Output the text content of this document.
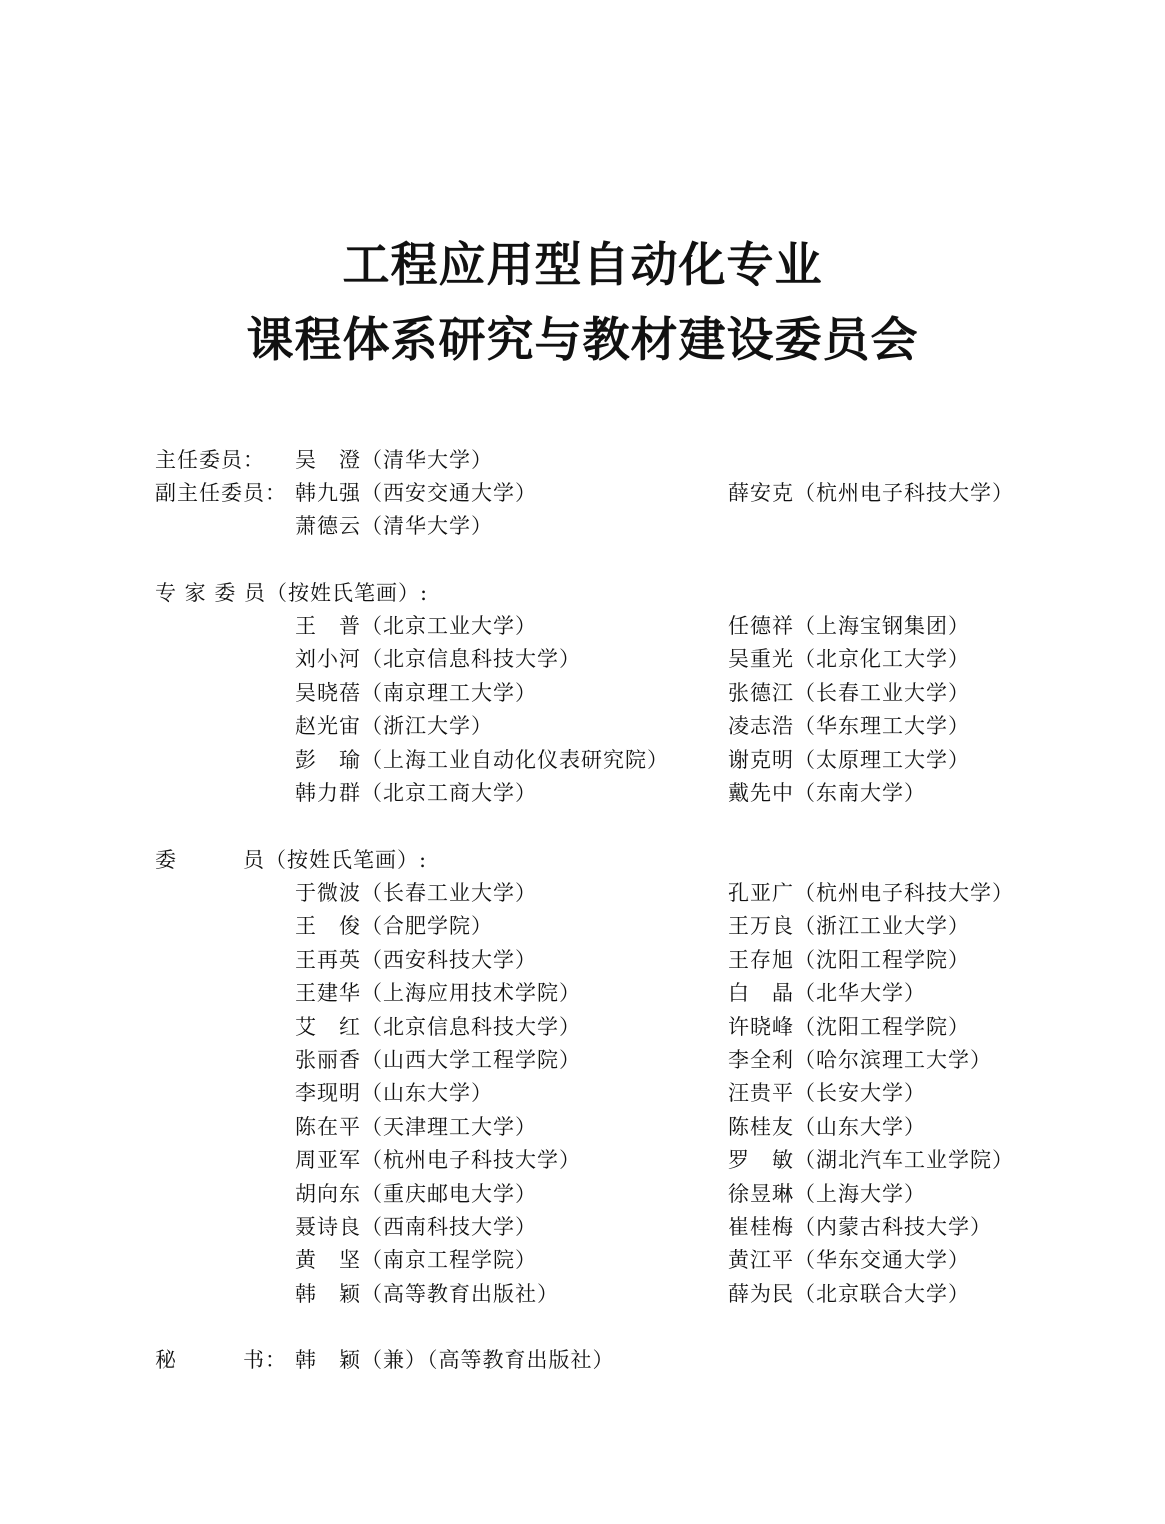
工程应用型自动化专业
课程体系研究与教材建设委员会
主任委员： 吴　澄（清华大学）
副主任委员： 韩九强（西安交通大学）	薛安克（杭州电子科技大学）
萧德云（清华大学）
专 家 委 员（按姓氏笔画）:
王　普（北京工业大学）
刘小河（北京信息科技大学）
吴晓蓓（南京理工大学）
赵光宙（浙江大学）
彭　瑜（上海工业自动化仪表研究院）
韩力群（北京工商大学）
任德祥（上海宝钢集团）
吴重光（北京化工大学）
张德江（长春工业大学）
凌志浩（华东理工大学）
谢克明（太原理工大学）
戴先中（东南大学）
委　　　员（按姓氏笔画）:
于微波（长春工业大学）
王　俊（合肥学院）
王再英（西安科技大学）
王建华（上海应用技术学院）
艾　红（北京信息科技大学）
张丽香（山西大学工程学院）
李现明（山东大学）
陈在平（天津理工大学）
周亚军（杭州电子科技大学）
胡向东（重庆邮电大学）
聂诗良（西南科技大学）
黄　坚（南京工程学院）
韩　颖（高等教育出版社）
孔亚广（杭州电子科技大学）
王万良（浙江工业大学）
王存旭（沈阳工程学院）
白　晶（北华大学）
许晓峰（沈阳工程学院）
李全利（哈尔滨理工大学）
汪贵平（长安大学）
陈桂友（山东大学）
罗　敏（湖北汽车工业学院）
徐昱琳（上海大学）
崔桂梅（内蒙古科技大学）
黄江平（华东交通大学）
薛为民（北京联合大学）
秘　　　书： 韩　颖（兼）（高等教育出版社）
